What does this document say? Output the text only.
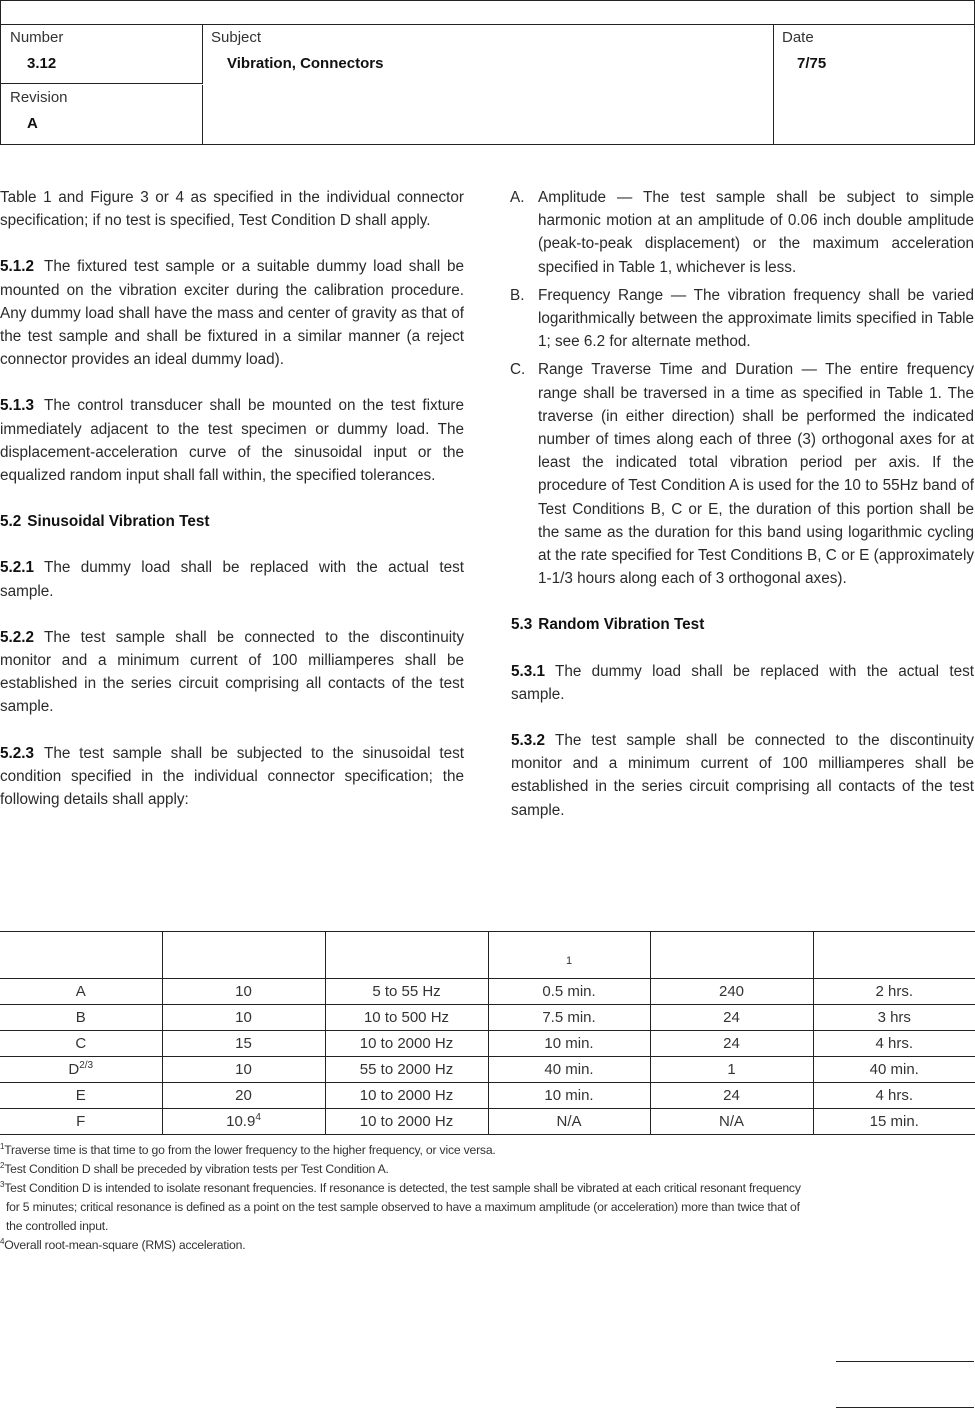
Number
3.12
Revision
A
Subject
Vibration, Connectors
Date
7/75

Table 1 and Figure 3 or 4 as specified in the individual connector specification; if no test is specified, Test Condition D shall apply.

5.1.2 The fixtured test sample or a suitable dummy load shall be mounted on the vibration exciter during the calibration procedure. Any dummy load shall have the mass and center of gravity as that of the test sample and shall be fixtured in a similar manner (a reject connector provides an ideal dummy load).

5.1.3 The control transducer shall be mounted on the test fixture immediately adjacent to the test specimen or dummy load. The displacement-acceleration curve of the sinusoidal input or the equalized random input shall fall within, the specified tolerances.

5.2 Sinusoidal Vibration Test

5.2.1 The dummy load shall be replaced with the actual test sample.

5.2.2 The test sample shall be connected to the discontinuity monitor and a minimum current of 100 milliamperes shall be established in the series circuit comprising all contacts of the test sample.

5.2.3 The test sample shall be subjected to the sinusoidal test condition specified in the individual connector specification; the following details shall apply:

A. Amplitude — The test sample shall be subject to simple harmonic motion at an amplitude of 0.06 inch double amplitude (peak-to-peak displacement) or the maximum acceleration specified in Table 1, whichever is less.
B. Frequency Range — The vibration frequency shall be varied logarithmically between the approximate limits specified in Table 1; see 6.2 for alternate method.
C. Range Traverse Time and Duration — The entire frequency range shall be traversed in a time as specified in Table 1. The traverse (in either direction) shall be performed the indicated number of times along each of three (3) orthogonal axes for at least the indicated total vibration period per axis. If the procedure of Test Condition A is used for the 10 to 55Hz band of Test Conditions B, C or E, the duration of this portion shall be the same as the duration for this band using logarithmic cycling at the rate specified for Test Conditions B, C or E (approximately 1-1/3 hours along each of 3 orthogonal axes).

5.3 Random Vibration Test

5.3.1 The dummy load shall be replaced with the actual test sample.

5.3.2 The test sample shall be connected to the discontinuity monitor and a minimum current of 100 milliamperes shall be established in the series circuit comprising all contacts of the test sample.

			1		
A	10	5 to 55 Hz	0.5 min.	240	2 hrs.
B	10	10 to 500 Hz	7.5 min.	24	3 hrs
C	15	10 to 2000 Hz	10 min.	24	4 hrs.
$D^{2/3}$	10	55 to 2000 Hz	40 min.	1	40 min.
E	20	10 to 2000 Hz	10 min.	24	4 hrs.
F	10.9$^4$	10 to 2000 Hz	N/A	N/A	15 min.

$^1$Traverse time is that time to go from the lower frequency to the higher frequency, or vice versa.

$^2$Test Condition D shall be preceded by vibration tests per Test Condition A.

$^3$Test Condition D is intended to isolate resonant frequencies. If resonance is detected, the test sample shall be vibrated at each critical resonant frequency

for 5 minutes; critical resonance is defined as a point on the test sample observed to have a maximum amplitude (or acceleration) more than twice that of

the controlled input.

$^4$Overall root-mean-square (RMS) acceleration.
